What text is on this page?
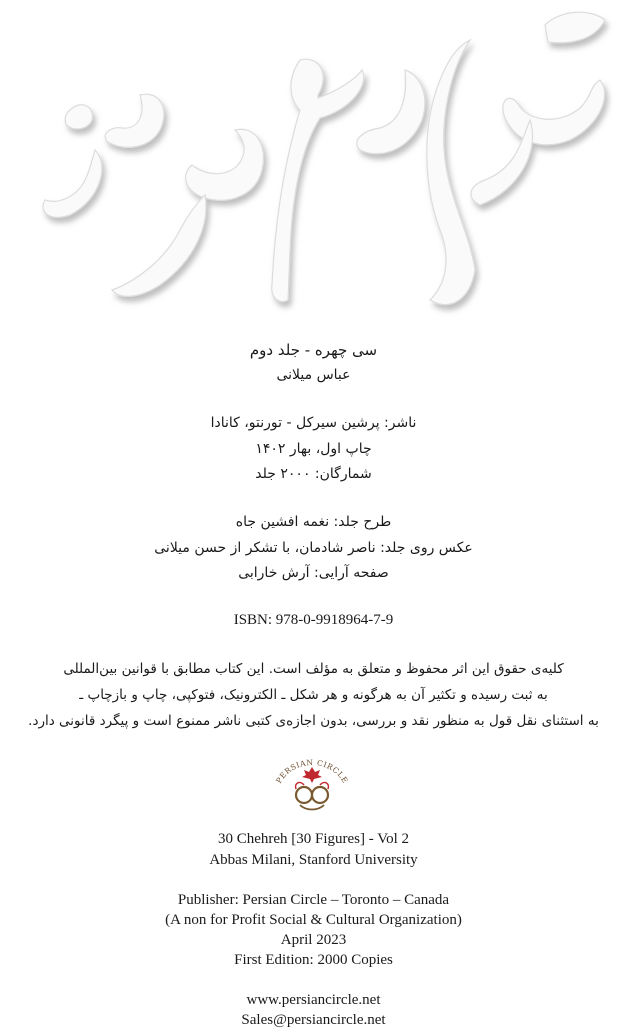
سی چهره - جلد دوم
عباس میلانی
ناشر: پرشین سیرکل - تورنتو، کانادا
چاپ اول، بهار ۱۴۰۲
شمارگان: ۲۰۰۰ جلد
طرح جلد: نغمه افشین جاه
عکس روی جلد: ناصر شادمان، با تشکر از حسن میلانی
صفحه آرایی: آرش خارابی
ISBN: 978-0-9918964-7-9
کلیه‌ی حقوق این اثر محفوظ و متعلق به مؤلف است. این کتاب مطابق با قوانین بین‌المللی
به ثبت رسیده و تکثیر آن به هرگونه و هر شکل ـ الکترونیک، فتوکپی، چاپ و بازچاپ ـ
به استثنای نقل قول به منظور نقد و بررسی، بدون اجازه‌ی کتبی ناشر ممنوع است و پیگرد قانونی دارد.
PERSIAN CIRCLE
30 Chehreh [30 Figures] - Vol 2
Abbas Milani, Stanford University
Publisher: Persian Circle – Toronto – Canada
(A non for Profit Social & Cultural Organization)
April 2023
First Edition: 2000 Copies
www.persiancircle.net
Sales@persiancircle.net
